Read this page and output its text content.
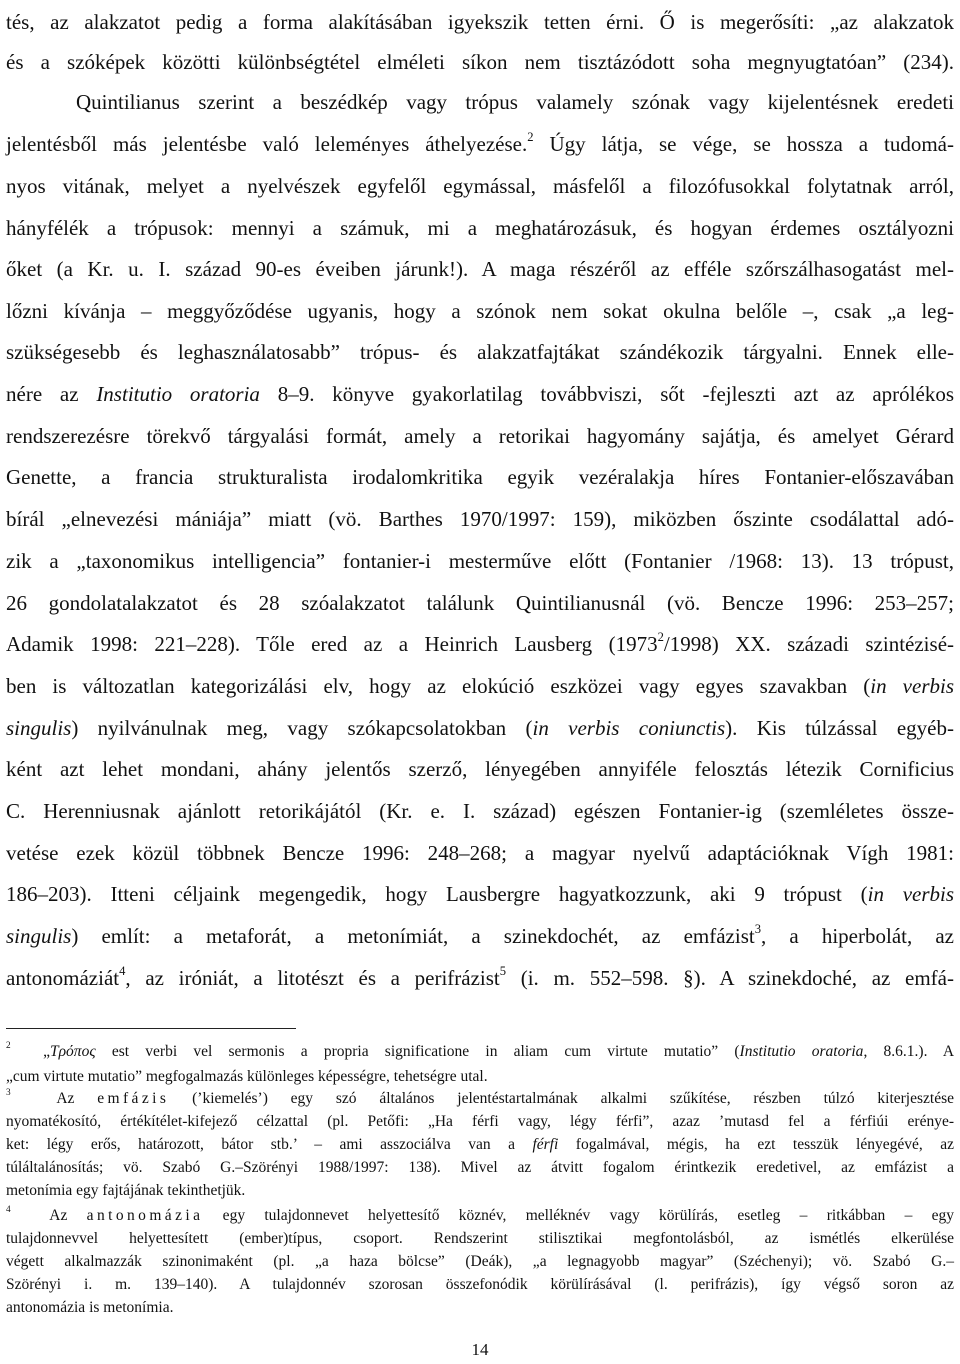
tés, az alakzatot pedig a forma alakításában igyekszik tetten érni. Ő is megerősíti: „az alakzatok
és a szóképek közötti különbségtétel elméleti síkon nem tisztázódott soha megnyugtatóan” (234).
Quintilianus szerint a beszédkép vagy trópus valamely szónak vagy kijelentésnek eredeti
jelentésből más jelentésbe való leleményes áthelyezése.$^2$ Úgy látja, se vége, se hossza a tudomá-
nyos vitának, melyet a nyelvészek egyfelől egymással, másfelől a filozófusokkal folytatnak arról,
hányfélék a trópusok: mennyi a számuk, mi a meghatározásuk, és hogyan érdemes osztályozni
őket (a Kr. u. I. század 90-es éveiben járunk!). A maga részéről az efféle szőrszálhasogatást mel-
lőzni kívánja – meggyőződése ugyanis, hogy a szónok nem sokat okulna belőle –, csak „a leg-
szükségesebb és leghasználatosabb” trópus- és alakzatfajtákat szándékozik tárgyalni. Ennek elle-
nére az Institutio oratoria 8–9. könyve gyakorlatilag továbbviszi, sőt -fejleszti azt az aprólékos
rendszerezésre törekvő tárgyalási formát, amely a retorikai hagyomány sajátja, és amelyet Gérard
Genette, a francia strukturalista irodalomkritika egyik vezéralakja híres Fontanier-előszavában
bírál „elnevezési mániája” miatt (vö. Barthes 1970/1997: 159), miközben őszinte csodálattal adó-
zik a „taxonomikus intelligencia” fontanier-i mesterműve előtt (Fontanier /1968: 13). 13 trópust,
26 gondolatalakzatot és 28 szóalakzatot találunk Quintilianusnál (vö. Bencze 1996: 253–257;
Adamik 1998: 221–228). Tőle ered az a Heinrich Lausberg (1973$^2$/1998) XX. századi szintézisé-
ben is változatlan kategorizálási elv, hogy az elokúció eszközei vagy egyes szavakban (in verbis
singulis) nyilvánulnak meg, vagy szókapcsolatokban (in verbis coniunctis). Kis túlzással egyéb-
ként azt lehet mondani, ahány jelentős szerző, lényegében annyiféle felosztás létezik Cornificius
C. Herenniusnak ajánlott retorikájától (Kr. e. I. század) egészen Fontanier-ig (szemléletes össze-
vetése ezek közül többnek Bencze 1996: 248–268; a magyar nyelvű adaptációknak Vígh 1981:
186–203). Itteni céljaink megengedik, hogy Lausbergre hagyatkozzunk, aki 9 trópust (in verbis
singulis) említ: a metaforát, a metonímiát, a szinekdochét, az emfázist$^3$, a hiperbolát, az
antonomáziát$^4$, az iróniát, a litotészt és a perifrázist$^5$ (i. m. 552–598. §). A szinekdoché, az emfá-
$^2$ „Τρόπος est verbi vel sermonis a propria significatione in aliam cum virtute mutatio” (Institutio oratoria, 8.6.1.). A
„cum virtute mutatio” megfogalmazás különleges képességre, tehetségre utal.
$^3$	Az emfázis (’kiemelés’) egy szó általános jelentéstartalmának alkalmi szűkítése, részben túlzó kiterjesztése
nyomatékosító, értékítélet-kifejező célzattal (pl. Petőfi: „Ha férfi vagy, légy férfi”, azaz ’mutasd fel a férfiúi erénye-
ket: légy erős, határozott, bátor stb.’ – ami asszociálva van a férfi fogalmával, mégis, ha ezt tesszük lényegévé, az
túláltalánosítás; vö. Szabó G.–Szörényi 1988/1997: 138). Mivel az átvitt fogalom érintkezik eredetivel, az emfázist a
metonímia egy fajtájának tekinthetjük.
$^4$ Az antonomázia egy tulajdonnevet helyettesítő köznév, melléknév vagy körülírás, esetleg – ritkábban – egy
tulajdonnevvel helyettesített (ember)típus, csoport. Rendszerint stilisztikai megfontolásból, az ismétlés elkerülése
végett alkalmazzák szinonimaként (pl. „a haza bölcse” (Deák), „a legnagyobb magyar” (Széchenyi); vö. Szabó G.–
Szörényi i. m. 139–140). A tulajdonnév szorosan összefonódik körülírásával (l. perifrázis), így végső soron az
antonomázia is metonímia.
14
